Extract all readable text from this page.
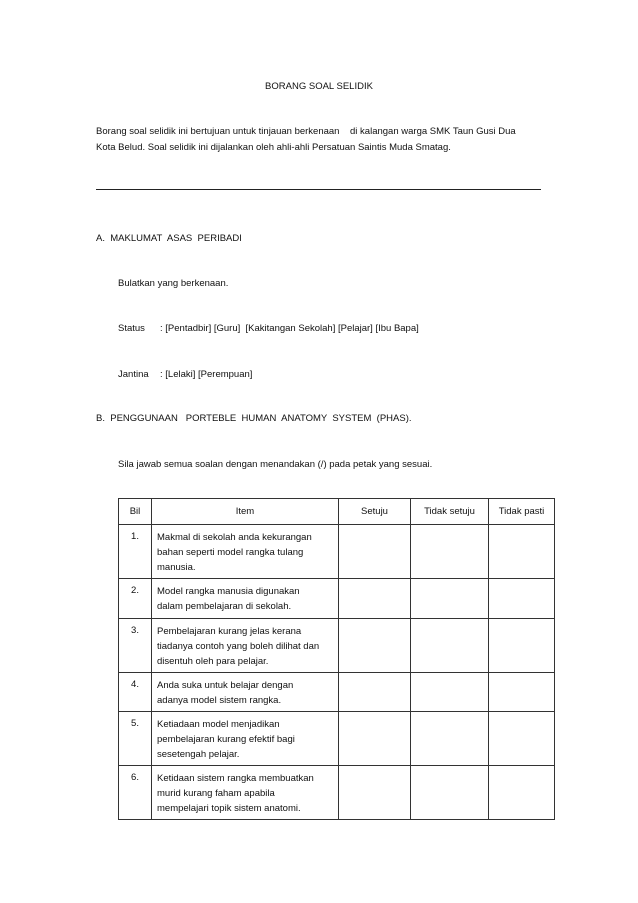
BORANG SOAL SELIDIK
Borang soal selidik ini bertujuan untuk tinjauan berkenaan    di kalangan warga SMK Taun Gusi Dua
Kota Belud. Soal selidik ini dijalankan oleh ahli-ahli Persatuan Saintis Muda Smatag.
A.  MAKLUMAT  ASAS  PERIBADI
Bulatkan yang berkenaan.
Status : [Pentadbir] [Guru]  [Kakitangan Sekolah] [Pelajar] [Ibu Bapa]
Jantina : [Lelaki] [Perempuan]
B.  PENGGUNAAN   PORTEBLE  HUMAN  ANATOMY  SYSTEM  (PHAS).
Sila jawab semua soalan dengan menandakan (/) pada petak yang sesuai.
Bil	Item	Setuju	Tidak setuju	Tidak pasti
1.	Makmal di sekolah anda kekurangan
bahan seperti model rangka tulang
manusia.			

2.	Model rangka manusia digunakan
dalam pembelajaran di sekolah.			

3.	Pembelajaran kurang jelas kerana
tiadanya contoh yang boleh dilihat dan
disentuh oleh para pelajar.			

4.	Anda suka untuk belajar dengan
adanya model sistem rangka.			

5.	Ketiadaan model menjadikan
pembelajaran kurang efektif bagi
sesetengah pelajar.			

6.	Ketidaan sistem rangka membuatkan
murid kurang faham apabila
mempelajari topik sistem anatomi.			
